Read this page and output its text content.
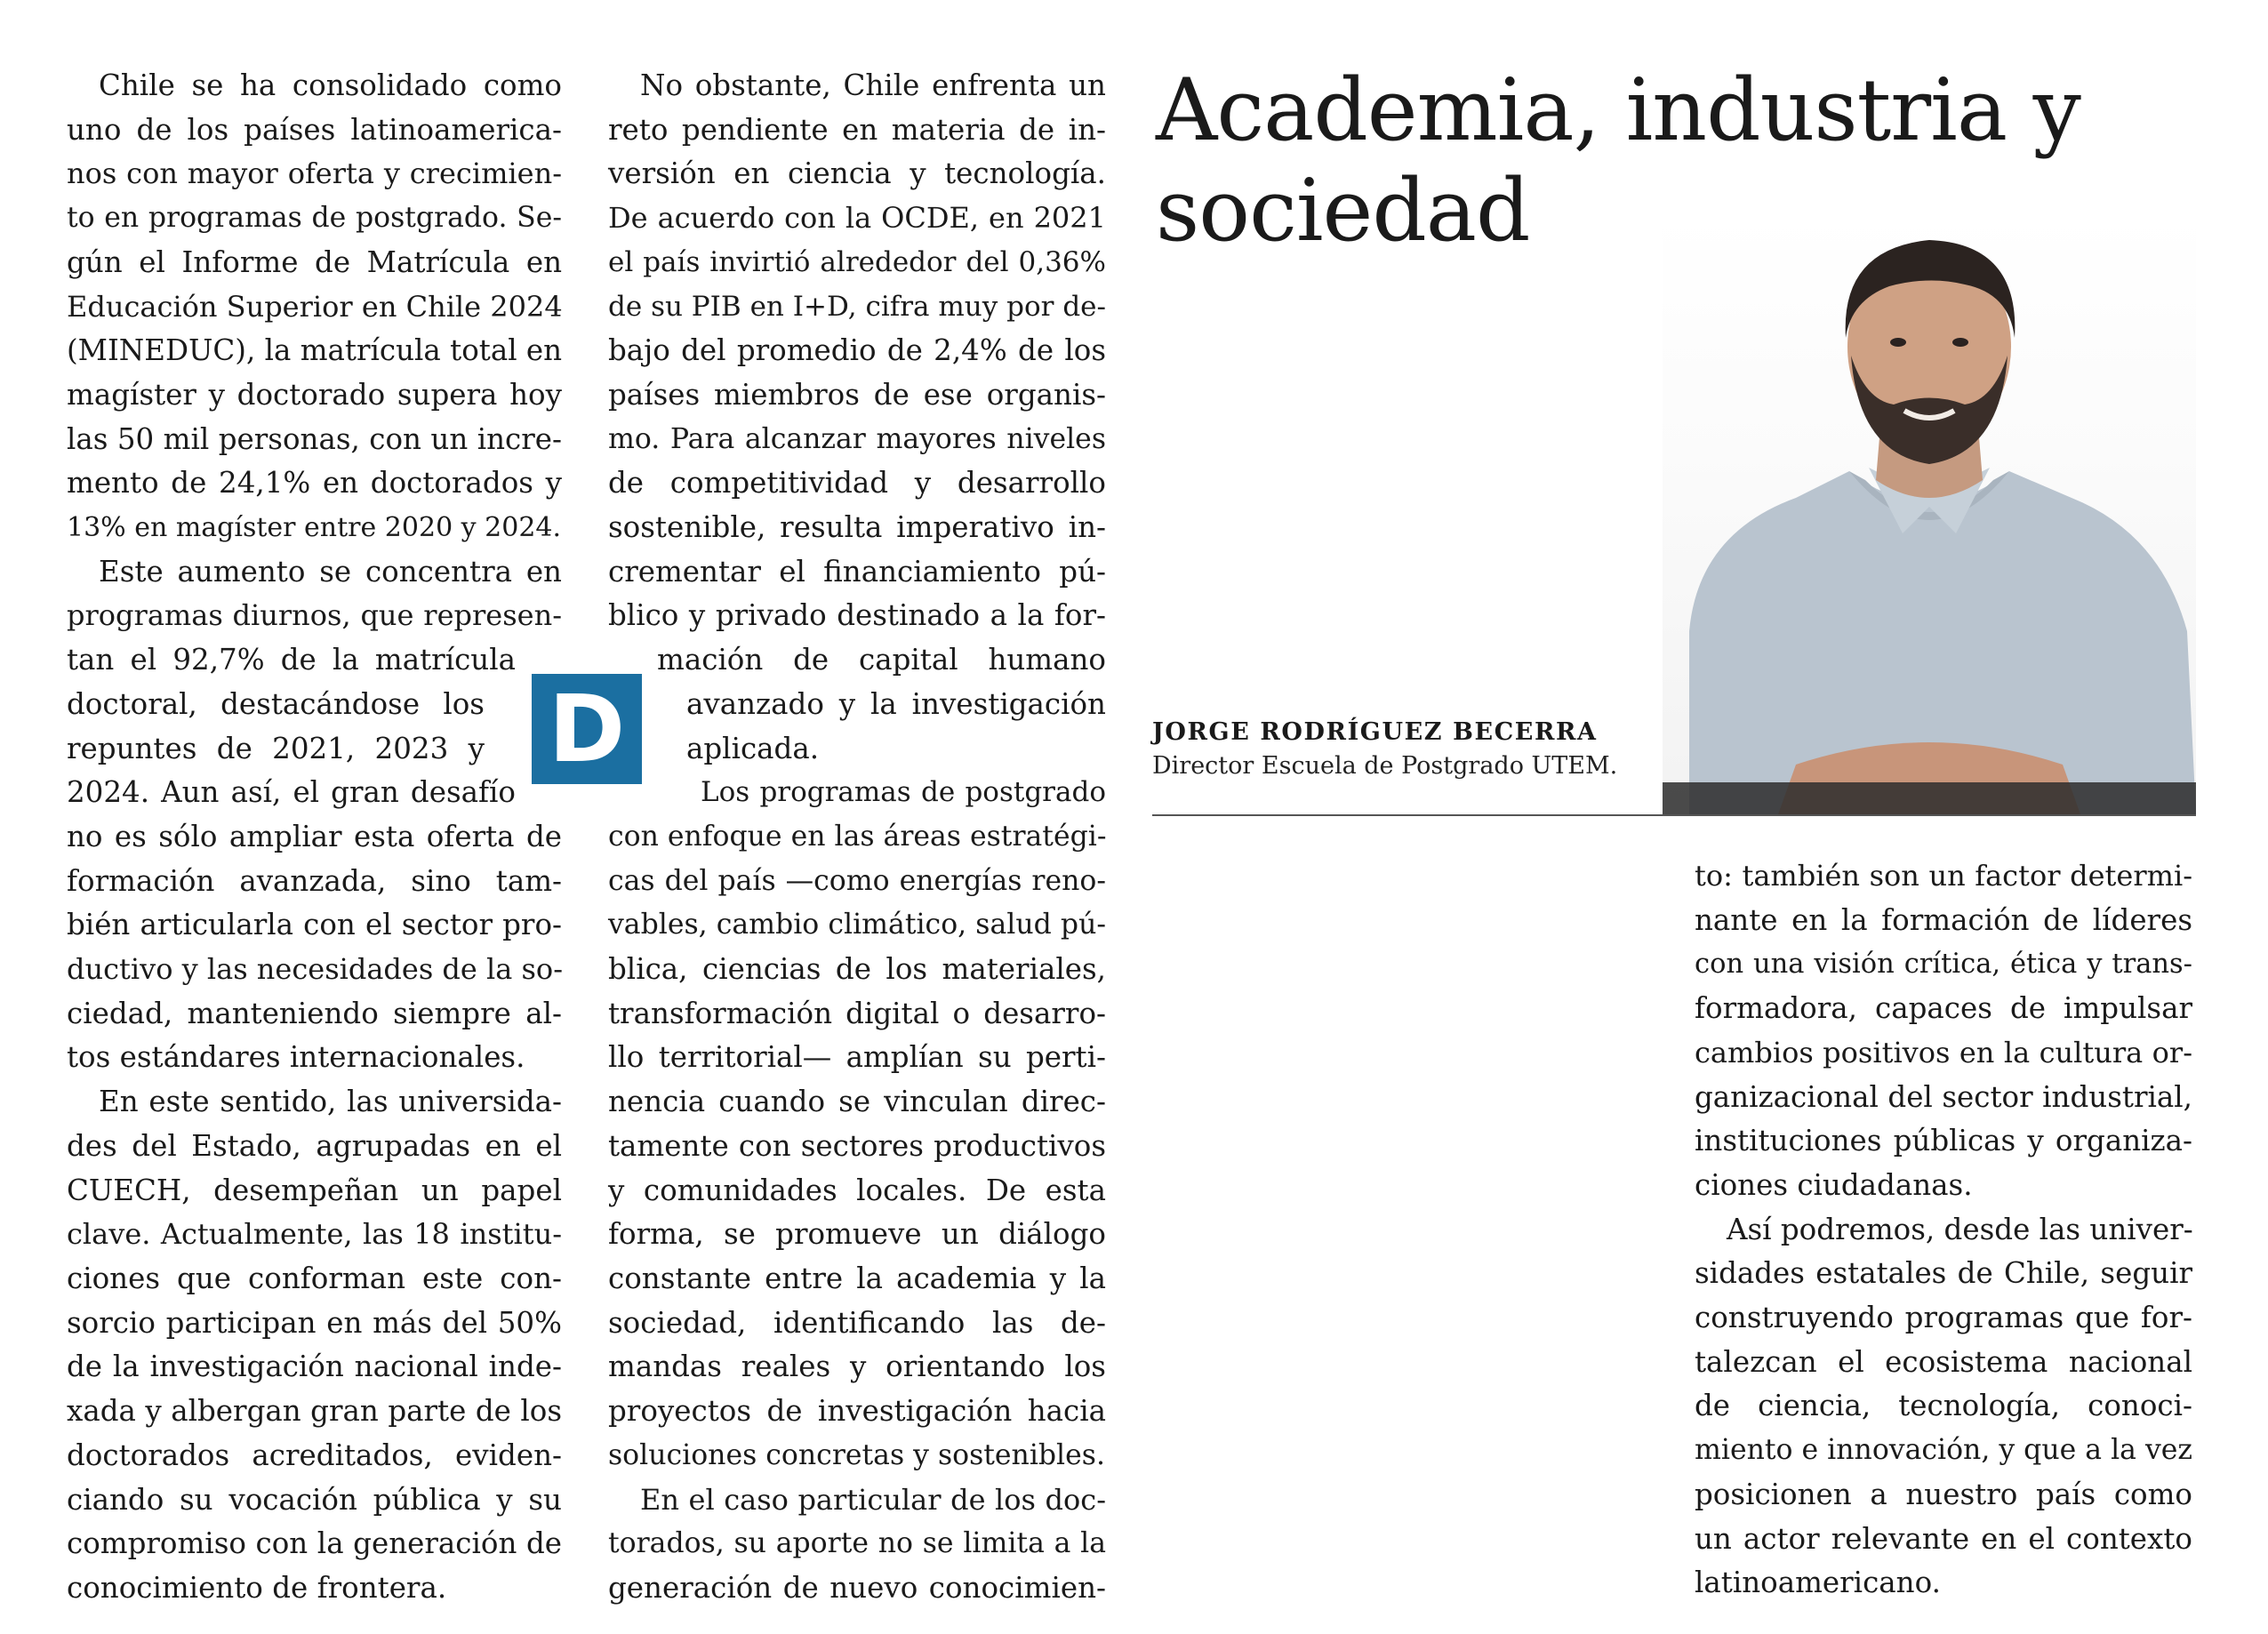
Chile se ha consolidado como
uno de los países latinoamerica-
nos con mayor oferta y crecimien-
to en programas de postgrado. Se-
gún el Informe de Matrícula en
Educación Superior en Chile 2024
(MINEDUC), la matrícula total en
magíster y doctorado supera hoy
las 50 mil personas, con un incre-
mento de 24,1% en doctorados y
13% en magíster entre 2020 y 2024.
Este aumento se concentra en
programas diurnos, que represen-
tan el 92,7% de la matrícula
doctoral, destacándose los
repuntes de 2021, 2023 y
2024. Aun así, el gran desafío
no es sólo ampliar esta oferta de
formación avanzada, sino tam-
bién articularla con el sector pro-
ductivo y las necesidades de la so-
ciedad, manteniendo siempre al-
tos estándares internacionales.
En este sentido, las universida-
des del Estado, agrupadas en el
CUECH, desempeñan un papel
clave. Actualmente, las 18 institu-
ciones que conforman este con-
sorcio participan en más del 50%
de la investigación nacional inde-
xada y albergan gran parte de los
doctorados acreditados, eviden-
ciando su vocación pública y su
compromiso con la generación de
conocimiento de frontera.
D
No obstante, Chile enfrenta un
reto pendiente en materia de in-
versión en ciencia y tecnología.
De acuerdo con la OCDE, en 2021
el país invirtió alrededor del 0,36%
de su PIB en I+D, cifra muy por de-
bajo del promedio de 2,4% de los
países miembros de ese organis-
mo. Para alcanzar mayores niveles
de competitividad y desarrollo
sostenible, resulta imperativo in-
crementar el financiamiento pú-
blico y privado destinado a la for-
mación de capital humano
avanzado y la investigación
aplicada.
Los programas de postgrado
con enfoque en las áreas estratégi-
cas del país —como energías reno-
vables, cambio climático, salud pú-
blica, ciencias de los materiales,
transformación digital o desarro-
llo territorial— amplían su perti-
nencia cuando se vinculan direc-
tamente con sectores productivos
y comunidades locales. De esta
forma, se promueve un diálogo
constante entre la academia y la
sociedad, identificando las de-
mandas reales y orientando los
proyectos de investigación hacia
soluciones concretas y sostenibles.
En el caso particular de los doc-
torados, su aporte no se limita a la
generación de nuevo conocimien-
Academia, industria y
sociedad
JORGE RODRÍGUEZ BECERRA
Director Escuela de Postgrado UTEM.
to: también son un factor determi-
nante en la formación de líderes
con una visión crítica, ética y trans-
formadora, capaces de impulsar
cambios positivos en la cultura or-
ganizacional del sector industrial,
instituciones públicas y organiza-
ciones ciudadanas.
Así podremos, desde las univer-
sidades estatales de Chile, seguir
construyendo programas que for-
talezcan el ecosistema nacional
de ciencia, tecnología, conoci-
miento e innovación, y que a la vez
posicionen a nuestro país como
un actor relevante en el contexto
latinoamericano.
